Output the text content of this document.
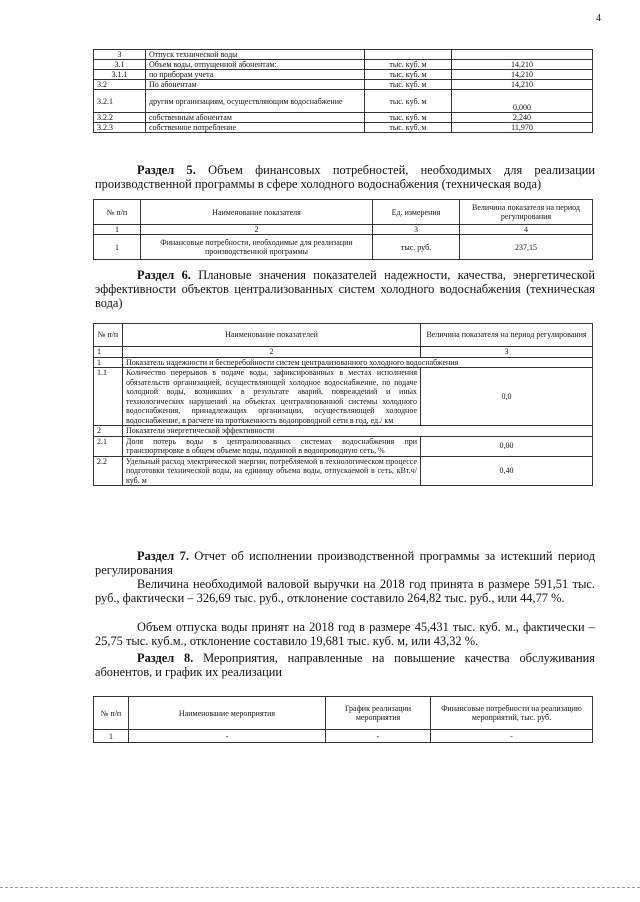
4
3	Отпуск технической воды		
3.1	Объем воды, отпущенной абонентам:	тыс. куб. м	14,210
3.1.1	по приборам учета	тыс. куб. м	14,210
3.2	По абонентам	тыс. куб. м	14,210
3.2.1	другим организациям, осуществляющим водоснабжение	тыс. куб. м	0,000
3.2.2	собственным абонентам	тыс. куб. м	2,240
3.2.3	собственное потребление	тыс. куб. м	11,970
Раздел 5. Объем финансовых потребностей, необходимых для реализации производственной программы в сфере холодного водоснабжения (техническая вода)
№ п/п	Наименование показателя	Ед. измерения	Величина показателя на период регулирования
1	2	3	4
1	Финансовые потребности, необходимые для реализации производственной программы	тыс. руб.	237,15
Раздел 6. Плановые значения показателей надежности, качества, энергетической эффективности объектов централизованных систем холодного водоснабжения (техническая вода)
№ п/п	Наименование показателей	Величина показателя на период регулирования
1	2	3
1	Показатель надежности и бесперебойности систем централизованного холодного водоснабжения	
1.1	Количество перерывов в подаче воды, зафиксированных в местах исполнения обязательств организацией, осуществляющей холодное водоснабжение, по подаче холодной воды, возникших в результате аварий, повреждений и иных технологических нарушений на объектах централизованной системы холодного водоснабжения, принадлежащих организации, осуществляющей холодное водоснабжение, в расчете на протяженность водопроводной сети в год, ед./ км	0,0
2	Показатели энергетической эффективности	
2.1	Доля потерь воды в централизованных системах водоснабжения при транспортировке в общем объеме воды, поданной в водопроводную сеть, %	0,00
2.2	Удельный расход электрической энергии, потребляемой в технологическом процессе подготовки технической воды, на единицу объема воды, отпускаемой в сеть, кВт.ч/куб. м	0,40
Раздел 7. Отчет об исполнении производственной программы за истекший период регулирования
Величина необходимой валовой выручки на 2018 год принята в размере 591,51 тыс. руб., фактически – 326,69 тыс. руб., отклонение составило 264,82 тыс. руб., или 44,77 %.
Объем отпуска воды принят на 2018 год в размере 45,431 тыс. куб. м., фактически – 25,75 тыс. куб.м., отклонение составило 19,681 тыс. куб. м, или 43,32 %.
Раздел 8. Мероприятия, направленные на повышение качества обслуживания абонентов, и график их реализации
№ п/п	Наименование мероприятия	График реализации мероприятия	Финансовые потребности на реализацию мероприятий, тыс. руб.
1	-	-	-
